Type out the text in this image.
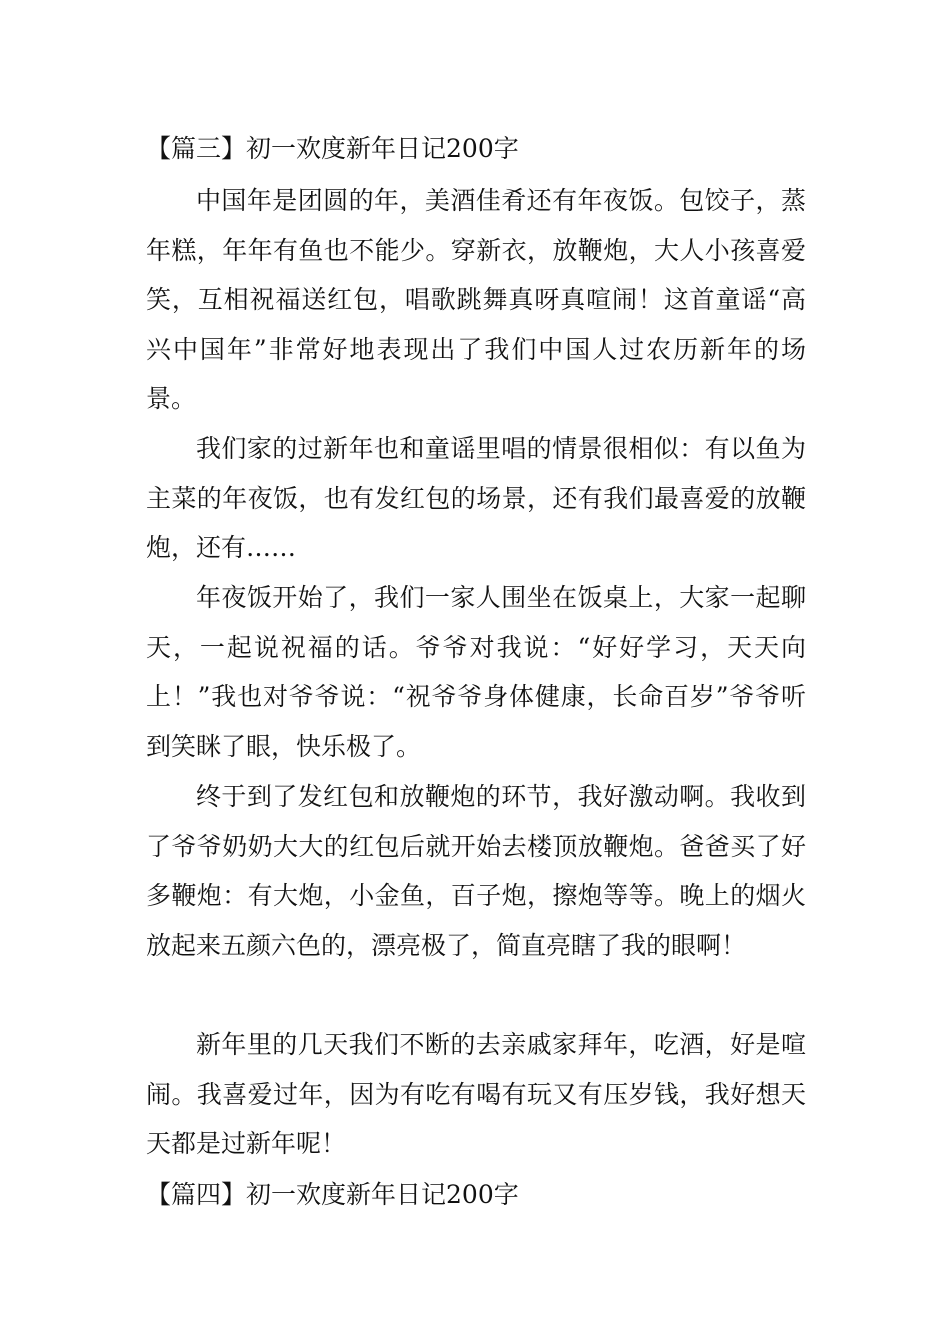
【篇三】初一欢度新年日记200字

中国年是团圆的年，美酒佳肴还有年夜饭。包饺子，蒸年糕，年年有鱼也不能少。穿新衣，放鞭炮，大人小孩喜爱笑，互相祝福送红包，唱歌跳舞真呀真喧闹！这首童谣“高兴中国年”非常好地表现出了我们中国人过农历新年的场景。

我们家的过新年也和童谣里唱的情景很相似：有以鱼为主菜的年夜饭，也有发红包的场景，还有我们最喜爱的放鞭炮，还有……

年夜饭开始了，我们一家人围坐在饭桌上，大家一起聊天，一起说祝福的话。爷爷对我说：“好好学习，天天向上！”我也对爷爷说：“祝爷爷身体健康，长命百岁”爷爷听到笑眯了眼，快乐极了。

终于到了发红包和放鞭炮的环节，我好激动啊。我收到了爷爷奶奶大大的红包后就开始去楼顶放鞭炮。爸爸买了好多鞭炮：有大炮，小金鱼，百子炮，擦炮等等。晚上的烟火放起来五颜六色的，漂亮极了，简直亮瞎了我的眼啊！

新年里的几天我们不断的去亲戚家拜年，吃酒，好是喧闹。我喜爱过年，因为有吃有喝有玩又有压岁钱，我好想天天都是过新年呢！

【篇四】初一欢度新年日记200字
